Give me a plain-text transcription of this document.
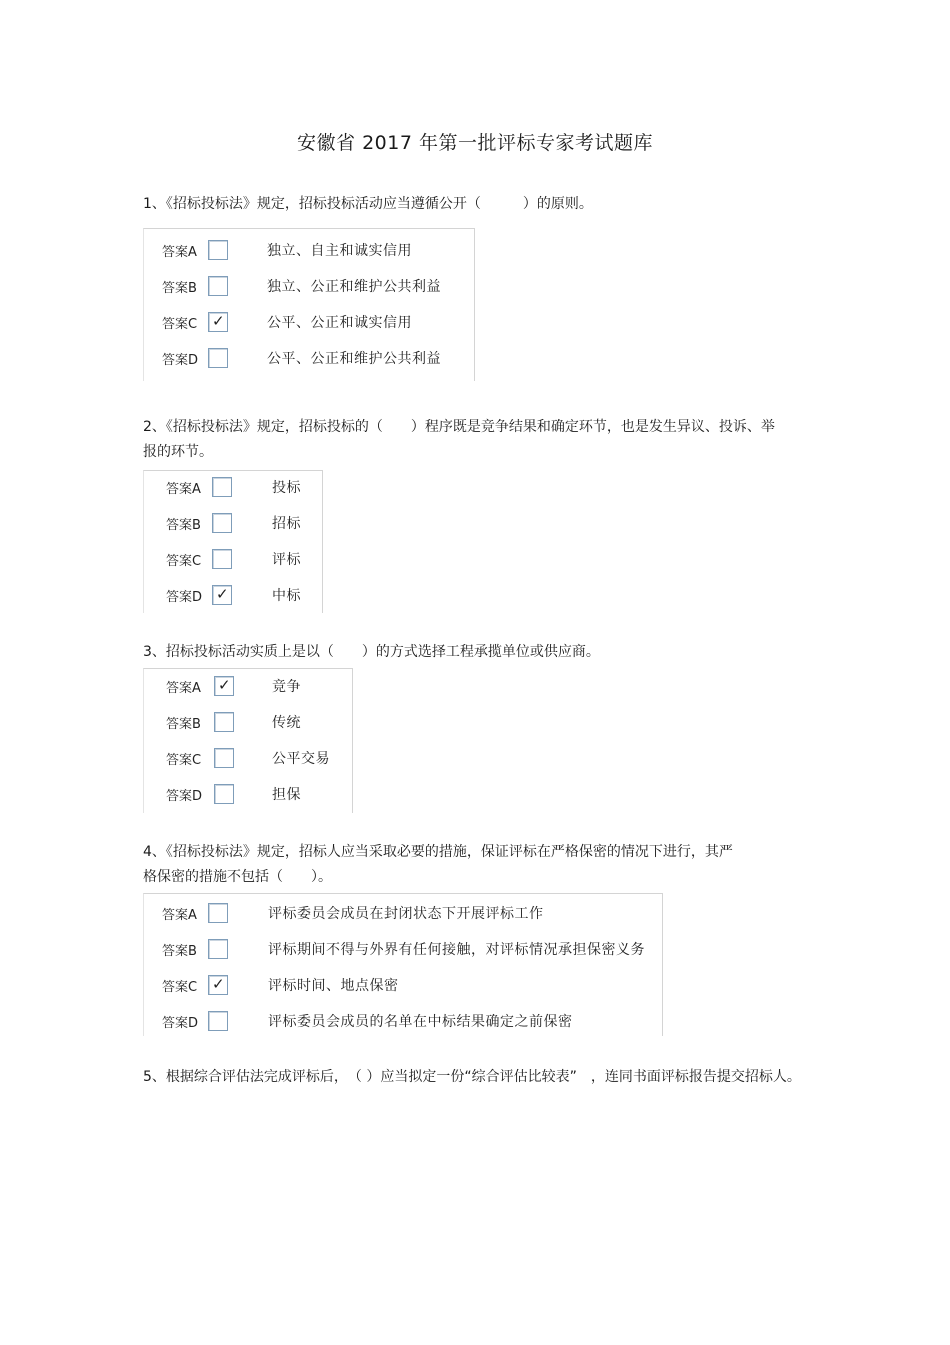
安徽省 2017 年第一批评标专家考试题库
1、《招标投标法》规定，招标投标活动应当遵循公开（　　　）的原则。
答案A	独立、自主和诚实信用
答案B	独立、公正和维护公共利益
答案C ✓	公平、公正和诚实信用
答案D	公平、公正和维护公共利益
2、《招标投标法》规定，招标投标的（　　）程序既是竞争结果和确定环节，也是发生异议、投诉、举报的环节。
答案A	投标
答案B	招标
答案C	评标
答案D ✓	中标
3、招标投标活动实质上是以（　　）的方式选择工程承揽单位或供应商。
答案A ✓	竞争
答案B	传统
答案C	公平交易
答案D	担保
4、《招标投标法》规定，招标人应当采取必要的措施，保证评标在严格保密的情况下进行，其严格保密的措施不包括（　　）。
答案A	评标委员会成员在封闭状态下开展评标工作
答案B	评标期间不得与外界有任何接触，对评标情况承担保密义务
答案C ✓	评标时间、地点保密
答案D	评标委员会成员的名单在中标结果确定之前保密
5、根据综合评估法完成评标后，　（ ）应当拟定一份“综合评估比较表”　，连同书面评标报告提交招标人。
